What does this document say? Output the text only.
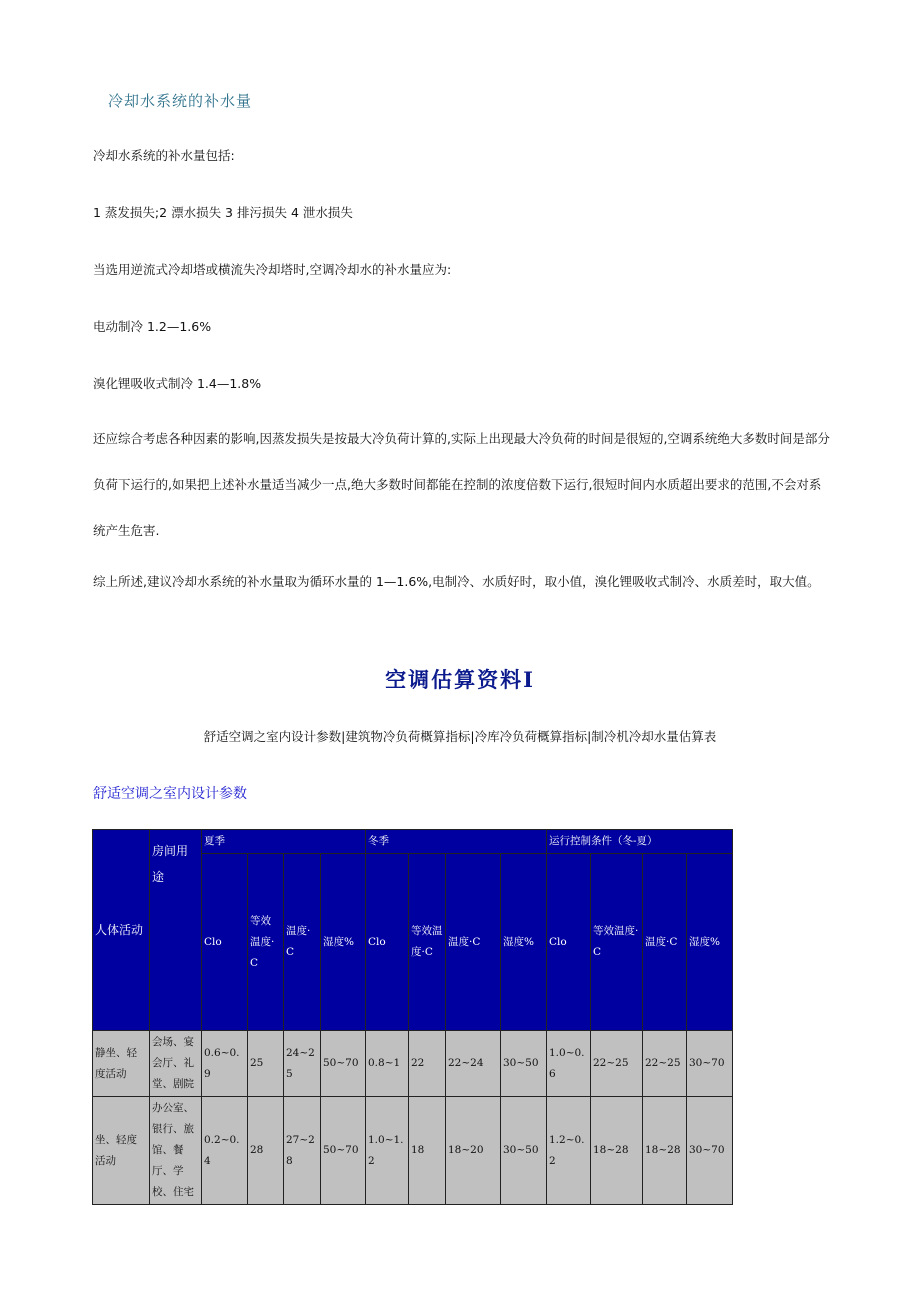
冷却水系统的补水量
冷却水系统的补水量包括:
1 蒸发损失;2 漂水损失 3 排污损失 4 泄水损失
当选用逆流式冷却塔或横流失冷却塔时,空调冷却水的补水量应为:
电动制冷 1.2—1.6%
溴化锂吸收式制冷 1.4—1.8%
还应综合考虑各种因素的影响,因蒸发损失是按最大冷负荷计算的,实际上出现最大冷负荷的时间是很短的,空调系统绝大多数时间是部分负荷下运行的,如果把上述补水量适当减少一点,绝大多数时间都能在控制的浓度倍数下运行,很短时间内水质超出要求的范围,不会对系统产生危害.
综上所述,建议冷却水系统的补水量取为循环水量的 1—1.6%,电制冷、水质好时，取小值，溴化锂吸收式制冷、水质差时，取大值。
空调估算资料Ⅰ
舒适空调之室内设计参数|建筑物冷负荷概算指标|冷库冷负荷概算指标|制冷机冷却水量估算表
舒适空调之室内设计参数
人体活动	房间用途	夏季				冬季				运行控制条件（冬-夏）			
		Clo	等效温度·C	温度·C	湿度%	Clo	等效温度·C	温度·C	湿度%	Clo	等效温度·C	温度·C	湿度%
静坐、轻度活动	会场、宴会厅、礼堂、剧院	0.6~0.9	25	24~25	50~70	0.8~1	22	22~24	30~50	1.0~0.6	22~25	22~25	30~70
坐、轻度活动	办公室、银行、旅馆、餐厅、学校、住宅	0.2~0.4	28	27~28	50~70	1.0~1.2	18	18~20	30~50	1.2~0.2	18~28	18~28	30~70
